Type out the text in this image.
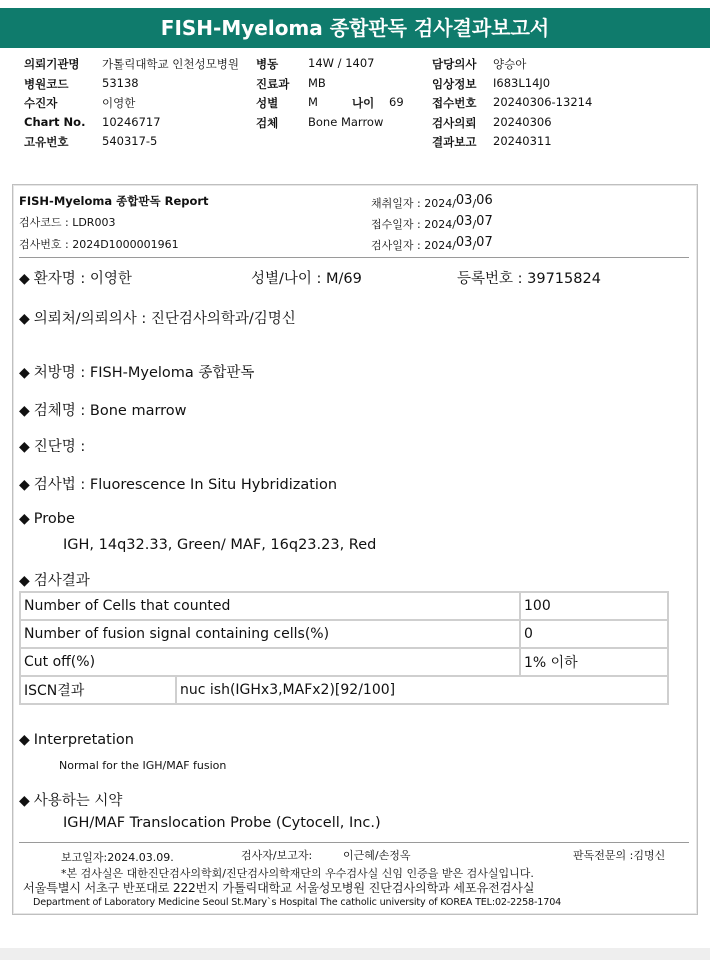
FISH-Myeloma 종합판독 검사결과보고서
의뢰기관명 가톨릭대학교 인천성모병원 병동	14W / 1407	담당의사 양승아
병원코드	53138	진료과 MB	임상정보 I683L14J0
수진자	이영한	성별	M	나이 69 접수번호 20240306-13214
Chart No. 10246717	검체	Bone Marrow	검사의뢰 20240306
고유번호	540317-5	결과보고 20240311
FISH-Myeloma 종합판독 Report
검사코드 : LDR003
검사번호 : 2024D1000001961
채취일자 : 2024/03/06
접수일자 : 2024/03/07
검사일자 : 2024/03/07
◆ 환자명 : 이영한	성별/나이 : M/69	등록번호 : 39715824
◆ 의뢰처/의뢰의사 : 진단검사의학과/김명신
◆ 처방명 : FISH-Myeloma 종합판독
◆ 검체명 : Bone marrow
◆ 진단명 :
◆ 검사법 : Fluorescence In Situ Hybridization
◆ Probe
IGH, 14q32.33, Green/ MAF, 16q23.23, Red
◆ 검사결과
Number of Cells that counted		100
Number of fusion signal containing cells(%)		0
Cut off(%)		1% 이하
ISCN결과	nuc ish(IGHx3,MAFx2)[92/100]	
◆ Interpretation
Normal for the IGH/MAF fusion
◆ 사용하는 시약
IGH/MAF Translocation Probe (Cytocell, Inc.)
보고일자:2024.03.09.	검사자/보고자:	이근혜/손정옥	판독전문의 :김명신
*본 검사실은 대한진단검사의학회/진단검사의학재단의 우수검사실 신임 인증을 받은 검사실입니다.
서울특별시 서초구 반포대로 222번지 가톨릭대학교 서울성모병원 진단검사의학과 세포유전검사실
Department of Laboratory Medicine Seoul St.Mary`s Hospital The catholic university of KOREA TEL:02-2258-1704
